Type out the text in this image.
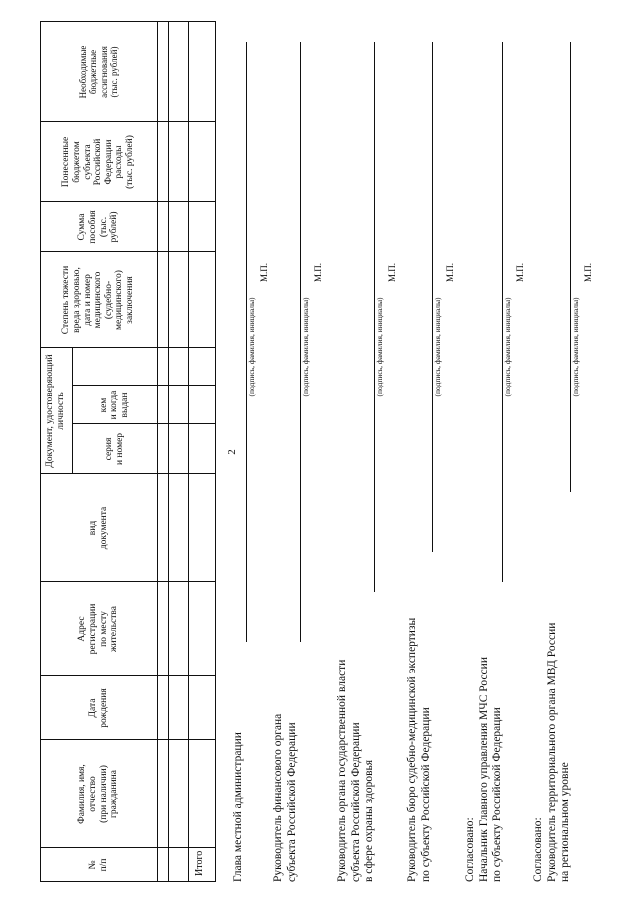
2
№
п/п
Фамилия, имя,
отчество
(при наличии)
гражданина
Дата
рождения
Адрес
регистрации
по месту
жительства
вид
документа
Документ, удостоверяющий
личность
серия
и номер
кем
и когда
выдан
Степень тяжести
вреда здоровью,
дата и номер
медицинского
(судебно-
медицинского)
заключения
Сумма
пособия
(тыс.
рублей)
Понесенные
бюджетом
субъекта
Российской
Федерации
расходы
(тыс. рублей)
Необходимые
бюджетные
ассигнования
(тыс. рублей)
Итого Глава местной администрации
(подпись, фамилия, инициалы)
М.П.
Руководитель финансового органа
субъекта Российской Федерации
(подпись, фамилия, инициалы)
М.П.
Руководитель органа государственной власти
субъекта Российской Федерации
в сфере охраны здоровья
(подпись, фамилия, инициалы)
М.П.
Руководитель бюро судебно-медицинской экспертизы
по субъекту Российской Федерации
(подпись, фамилия, инициалы)
М.П.
Согласовано:
Начальник Главного управления МЧС России
по субъекту Российской Федерации
(подпись, фамилия, инициалы)
М.П.
Согласовано:
Руководитель территориального органа МВД России
на региональном уровне
(подпись, фамилия, инициалы)
М.П.
